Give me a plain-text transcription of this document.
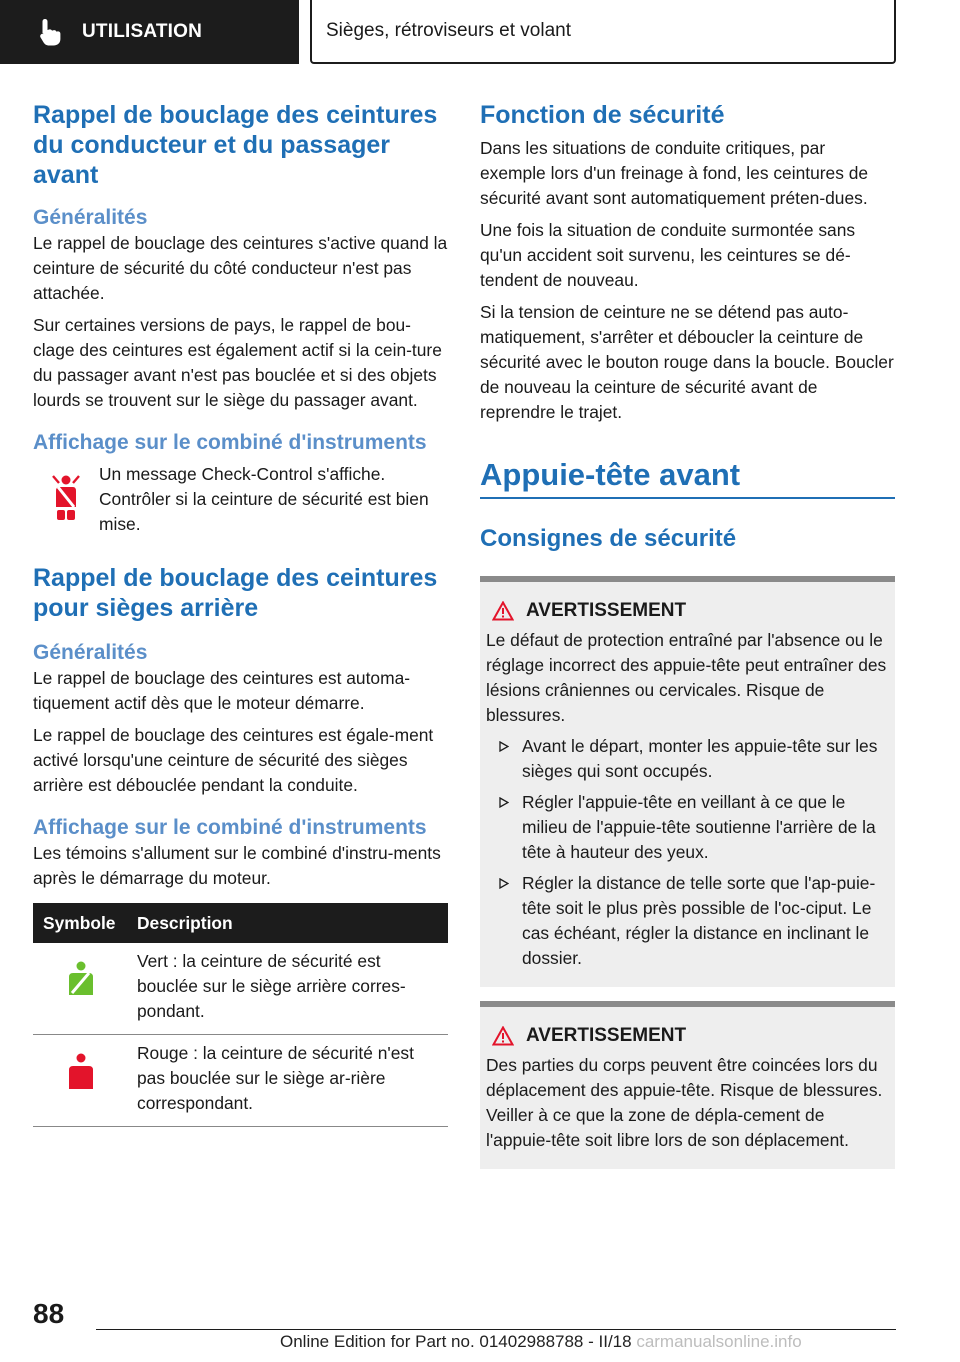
UTILISATION	Sièges, rétroviseurs et volant
Rappel de bouclage des ceintures du conducteur et du passager avant
Généralités

Le rappel de bouclage des ceintures s'active quand la ceinture de sécurité du côté conducteur n'est pas attachée.

Sur certaines versions de pays, le rappel de bou-clage des ceintures est également actif si la cein-ture du passager avant n'est pas bouclée et si des objets lourds se trouvent sur le siège du passager avant.

Affichage sur le combiné d'instruments

Un message Check-Control s'affiche. Contrôler si la ceinture de sécurité est bien mise.

Rappel de bouclage des ceintures pour sièges arrière
Généralités

Le rappel de bouclage des ceintures est automa-tiquement actif dès que le moteur démarre.

Le rappel de bouclage des ceintures est égale-ment activé lorsqu'une ceinture de sécurité des sièges arrière est débouclée pendant la conduite.

Affichage sur le combiné d'instruments

Les témoins s'allument sur le combiné d'instru-ments après le démarrage du moteur.

Symbole	Description

Vert : la ceinture de sécurité est bouclée sur le siège arrière corres-pondant.

Rouge : la ceinture de sécurité n'est pas bouclée sur le siège ar-rière correspondant.

Fonction de sécurité

Dans les situations de conduite critiques, par exemple lors d'un freinage à fond, les ceintures de sécurité avant sont automatiquement préten-dues.

Une fois la situation de conduite surmontée sans qu'un accident soit survenu, les ceintures se dé-tendent de nouveau.

Si la tension de ceinture ne se détend pas auto-matiquement, s'arrêter et déboucler la ceinture de sécurité avec le bouton rouge dans la boucle. Boucler de nouveau la ceinture de sécurité avant de reprendre le trajet.

Appuie-tête avant
Consignes de sécurité
AVERTISSEMENT

Le défaut de protection entraîné par l'absence ou le réglage incorrect des appuie-tête peut entraîner des lésions crâniennes ou cervicales. Risque de blessures.

Avant le départ, monter les appuie-tête sur les sièges qui sont occupés.

Régler l'appuie-tête en veillant à ce que le milieu de l'appuie-tête soutienne l'arrière de la tête à hauteur des yeux.

Régler la distance de telle sorte que l'ap-puie-tête soit le plus près possible de l'oc-ciput. Le cas échéant, régler la distance en inclinant le dossier.

AVERTISSEMENT

Des parties du corps peuvent être coincées lors du déplacement des appuie-tête. Risque de blessures. Veiller à ce que la zone de dépla-cement de l'appuie-tête soit libre lors de son déplacement.

88
Online Edition for Part no. 01402988788 - II/18 carmanualsonline.info
